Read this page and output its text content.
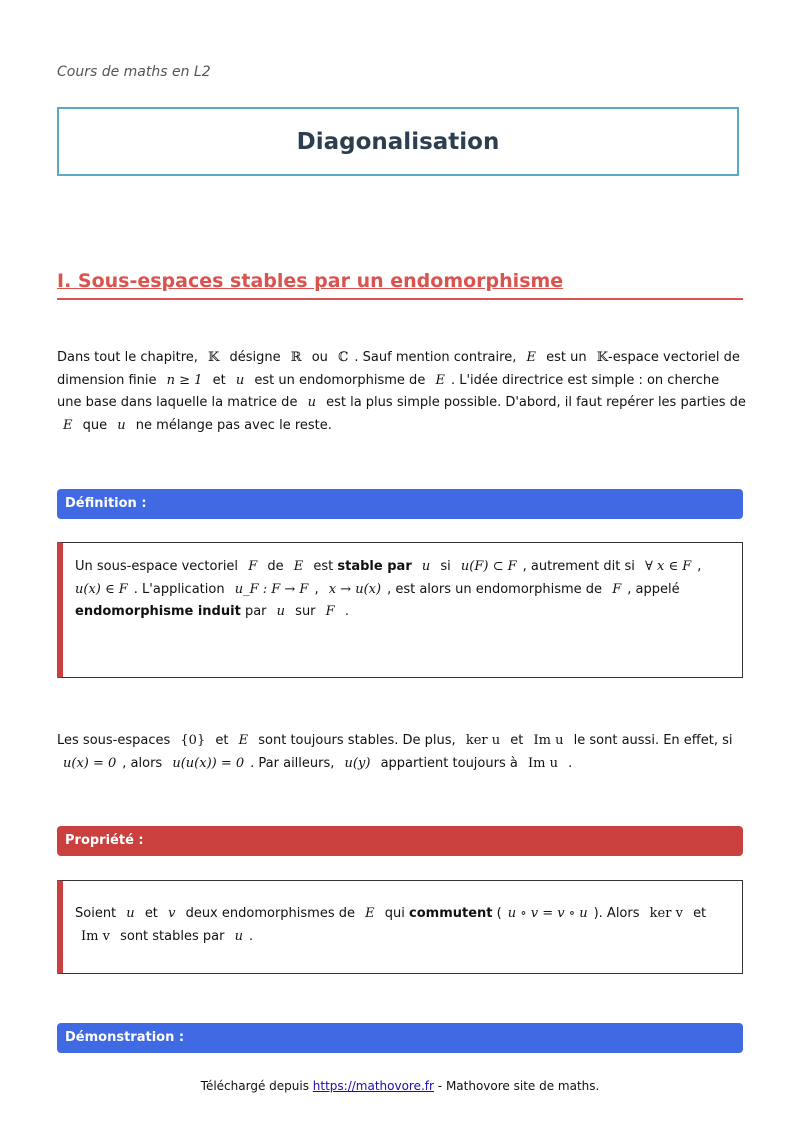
Cours de maths en L2
Diagonalisation
I. Sous-espaces stables par un endomorphisme
Dans tout le chapitre, 𝕂 désigne ℝ ou ℂ . Sauf mention contraire, E est un 𝕂-espace vectoriel de dimension finie n ≥ 1 et u est un endomorphisme de E . L'idée directrice est simple : on cherche une base dans laquelle la matrice de u est la plus simple possible. D'abord, il faut repérer les parties de E que u ne mélange pas avec le reste.
Définition :
Un sous-espace vectoriel F de E est stable par u si u(F) ⊂ F , autrement dit si ∀ x ∈ F ,u(x) ∈ F . L'application u_F : F → F , x → u(x) , est alors un endomorphisme de F , appelé endomorphisme induit par u sur F .
Les sous-espaces {0} et E sont toujours stables. De plus, ker u et Im u le sont aussi. En effet, si u(x) = 0 , alors u(u(x)) = 0 . Par ailleurs, u(y) appartient toujours à Im u .
Propriété :
Soient u et v deux endomorphismes de E qui commutent ( u ∘ v = v ∘ u ). Alors ker v et Im v sont stables par u .
Démonstration :
Téléchargé depuis https://mathovore.fr - Mathovore site de maths.
